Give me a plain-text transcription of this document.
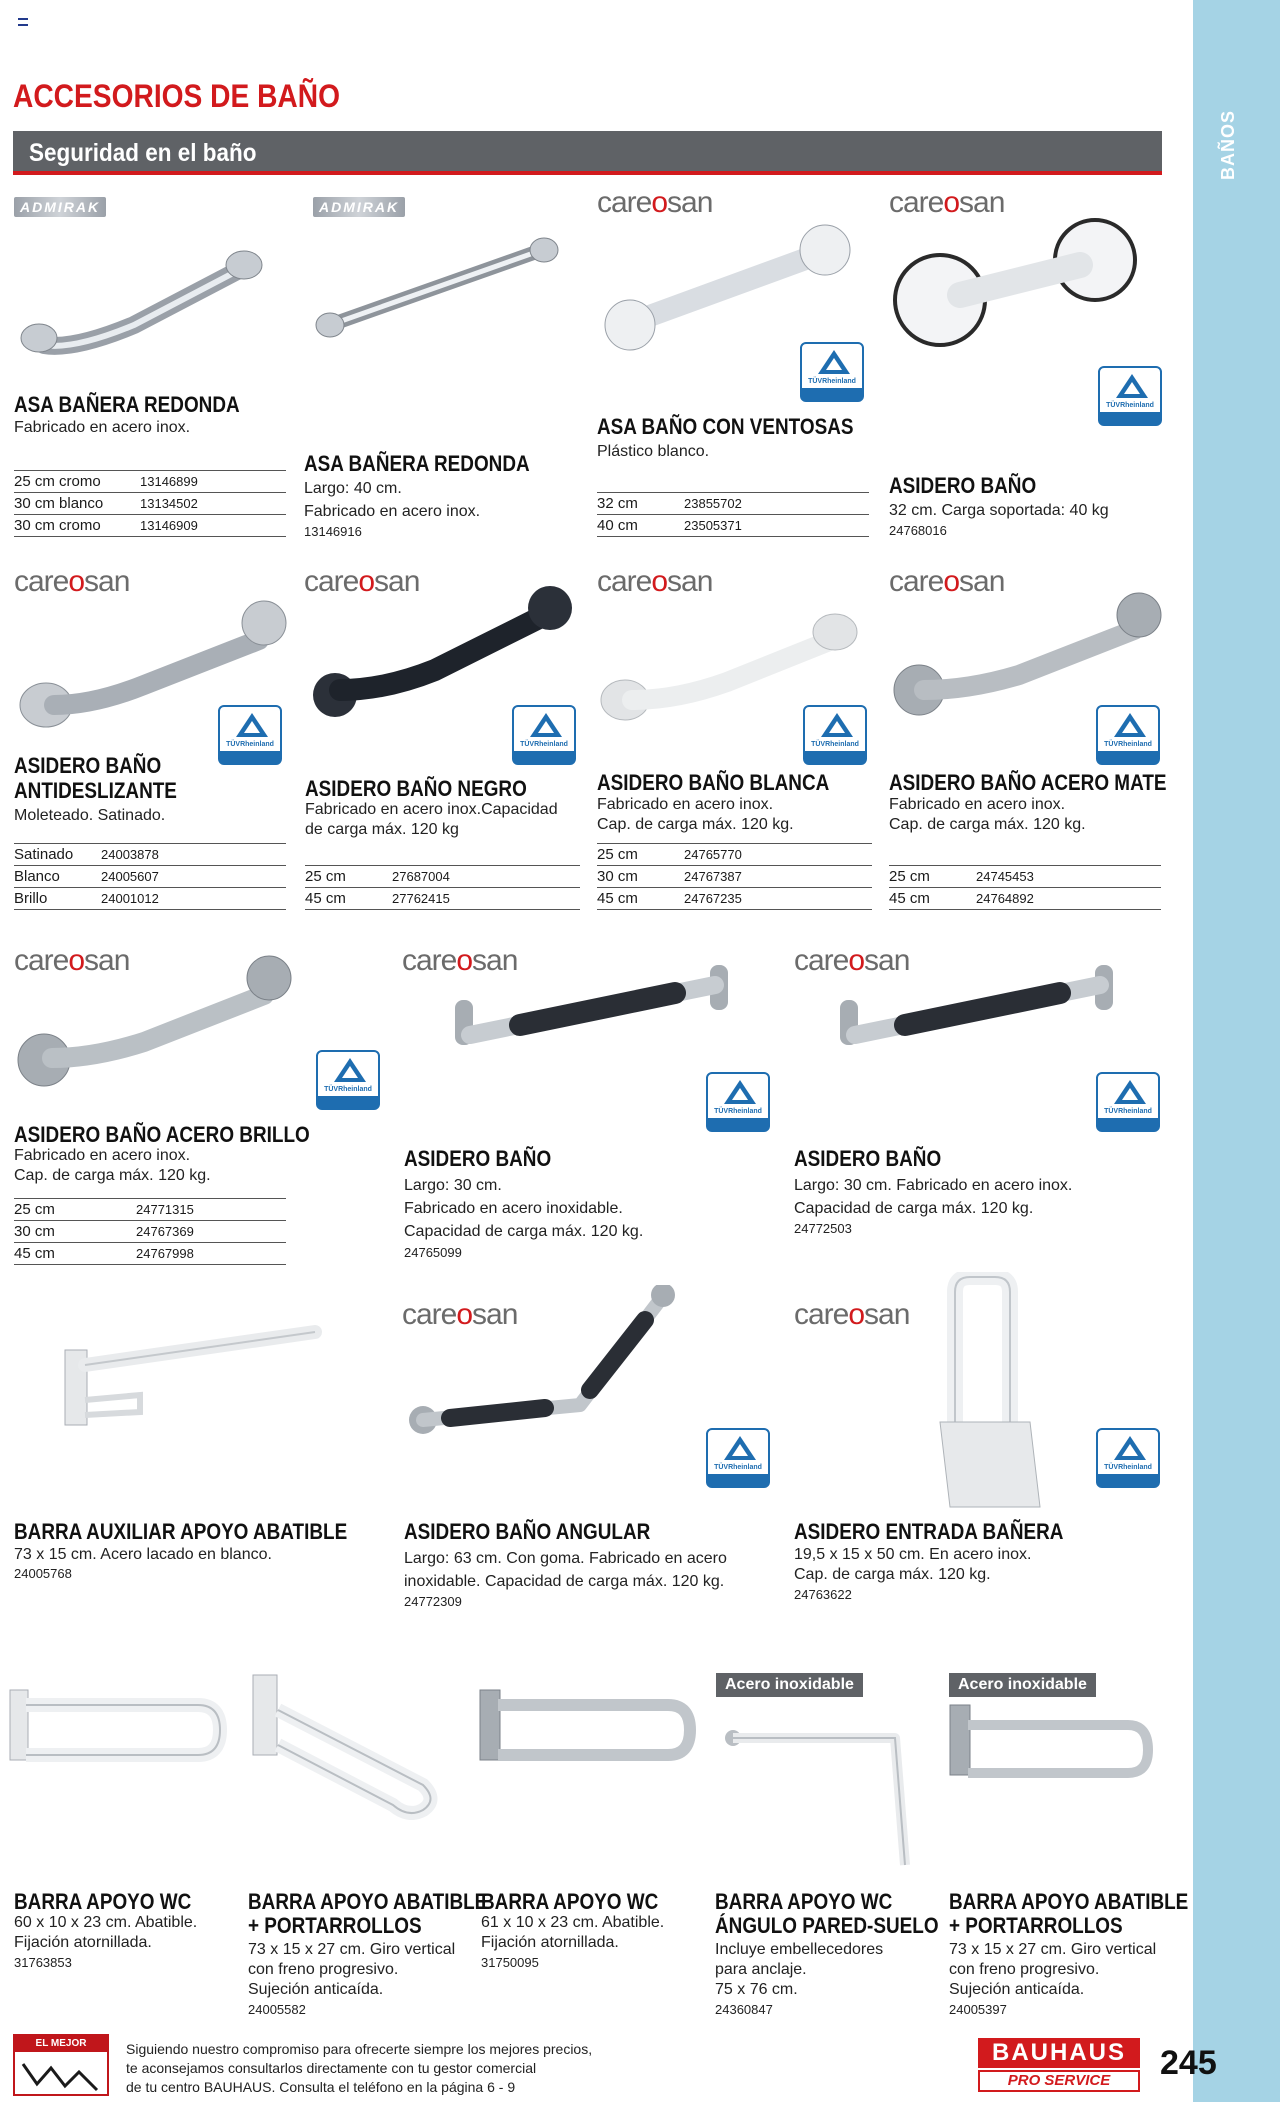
BAÑOS
ACCESORIOS DE BAÑO
Seguridad en el baño
ADMIRAK	ADMIRAK	careosan	careosan
TÜVRheinland
TÜVRheinland
ASA BAÑERA REDONDA
Fabricado en acero inox.
25 cm cromo	13146899
30 cm blanco	13134502
30 cm cromo	13146909
ASA BAÑERA REDONDA
Largo: 40 cm.
Fabricado en acero inox.
13146916
ASA BAÑO CON VENTOSAS
Plástico blanco.
32 cm	23855702
40 cm	23505371
ASIDERO BAÑO
32 cm. Carga soportada: 40 kg
24768016
careosan	careosan	careosan	careosan
TÜVRheinland	TÜVRheinland	TÜVRheinland	TÜVRheinland
ASIDERO BAÑO
ANTIDESLIZANTE
Moleteado. Satinado.
Satinado	24003878
Blanco	24005607
Brillo	24001012
ASIDERO BAÑO NEGRO
Fabricado en acero inox.Capacidad
de carga máx. 120 kg
25 cm	27687004
45 cm	27762415
ASIDERO BAÑO BLANCA
Fabricado en acero inox.
Cap. de carga máx. 120 kg.
25 cm	24765770
30 cm	24767387
45 cm	24767235
ASIDERO BAÑO ACERO MATE
Fabricado en acero inox.
Cap. de carga máx. 120 kg.
25 cm	24745453
45 cm	24764892
careosan	careosan	careosan
TÜVRheinland
TÜVRheinland	TÜVRheinland
ASIDERO BAÑO ACERO BRILLO
Fabricado en acero inox.
Cap. de carga máx. 120 kg.
25 cm	24771315
30 cm	24767369
45 cm	24767998
ASIDERO BAÑO
Largo: 30 cm.
Fabricado en acero inoxidable.
Capacidad de carga máx. 120 kg.
24765099
ASIDERO BAÑO
Largo: 30 cm. Fabricado en acero inox.
Capacidad de carga máx. 120 kg.
24772503
careosan	careosan
TÜVRheinland	TÜVRheinland
BARRA AUXILIAR APOYO ABATIBLE
73 x 15 cm. Acero lacado en blanco.
24005768
ASIDERO BAÑO ANGULAR
Largo: 63 cm. Con goma. Fabricado en acero
inoxidable. Capacidad de carga máx. 120 kg.
24772309
ASIDERO ENTRADA BAÑERA
19,5 x 15 x 50 cm. En acero inox.
Cap. de carga máx. 120 kg.
24763622
Acero inoxidable	Acero inoxidable
BARRA APOYO WC
60 x 10 x 23 cm. Abatible.
Fijación atornillada.
31763853
BARRA APOYO ABATIBLE
+ PORTARROLLOS
73 x 15 x 27 cm. Giro vertical
con freno progresivo.
Sujeción anticaída.
24005582
BARRA APOYO WC
61 x 10 x 23 cm. Abatible.
Fijación atornillada.
31750095
BARRA APOYO WC
ÁNGULO PARED-SUELO
Incluye embellecedores
para anclaje.
75 x 76 cm.
24360847
BARRA APOYO ABATIBLE
+ PORTARROLLOS
73 x 15 x 27 cm. Giro vertical
con freno progresivo.
Sujeción anticaída.
24005397
EL MEJOR PRECIO
Siguiendo nuestro compromiso para ofrecerte siempre los mejores precios,
te aconsejamos consultarlos directamente con tu gestor comercial
de tu centro BAUHAUS. Consulta el teléfono en la página 6 - 9
BAUHAUS
PRO SERVICE	245
